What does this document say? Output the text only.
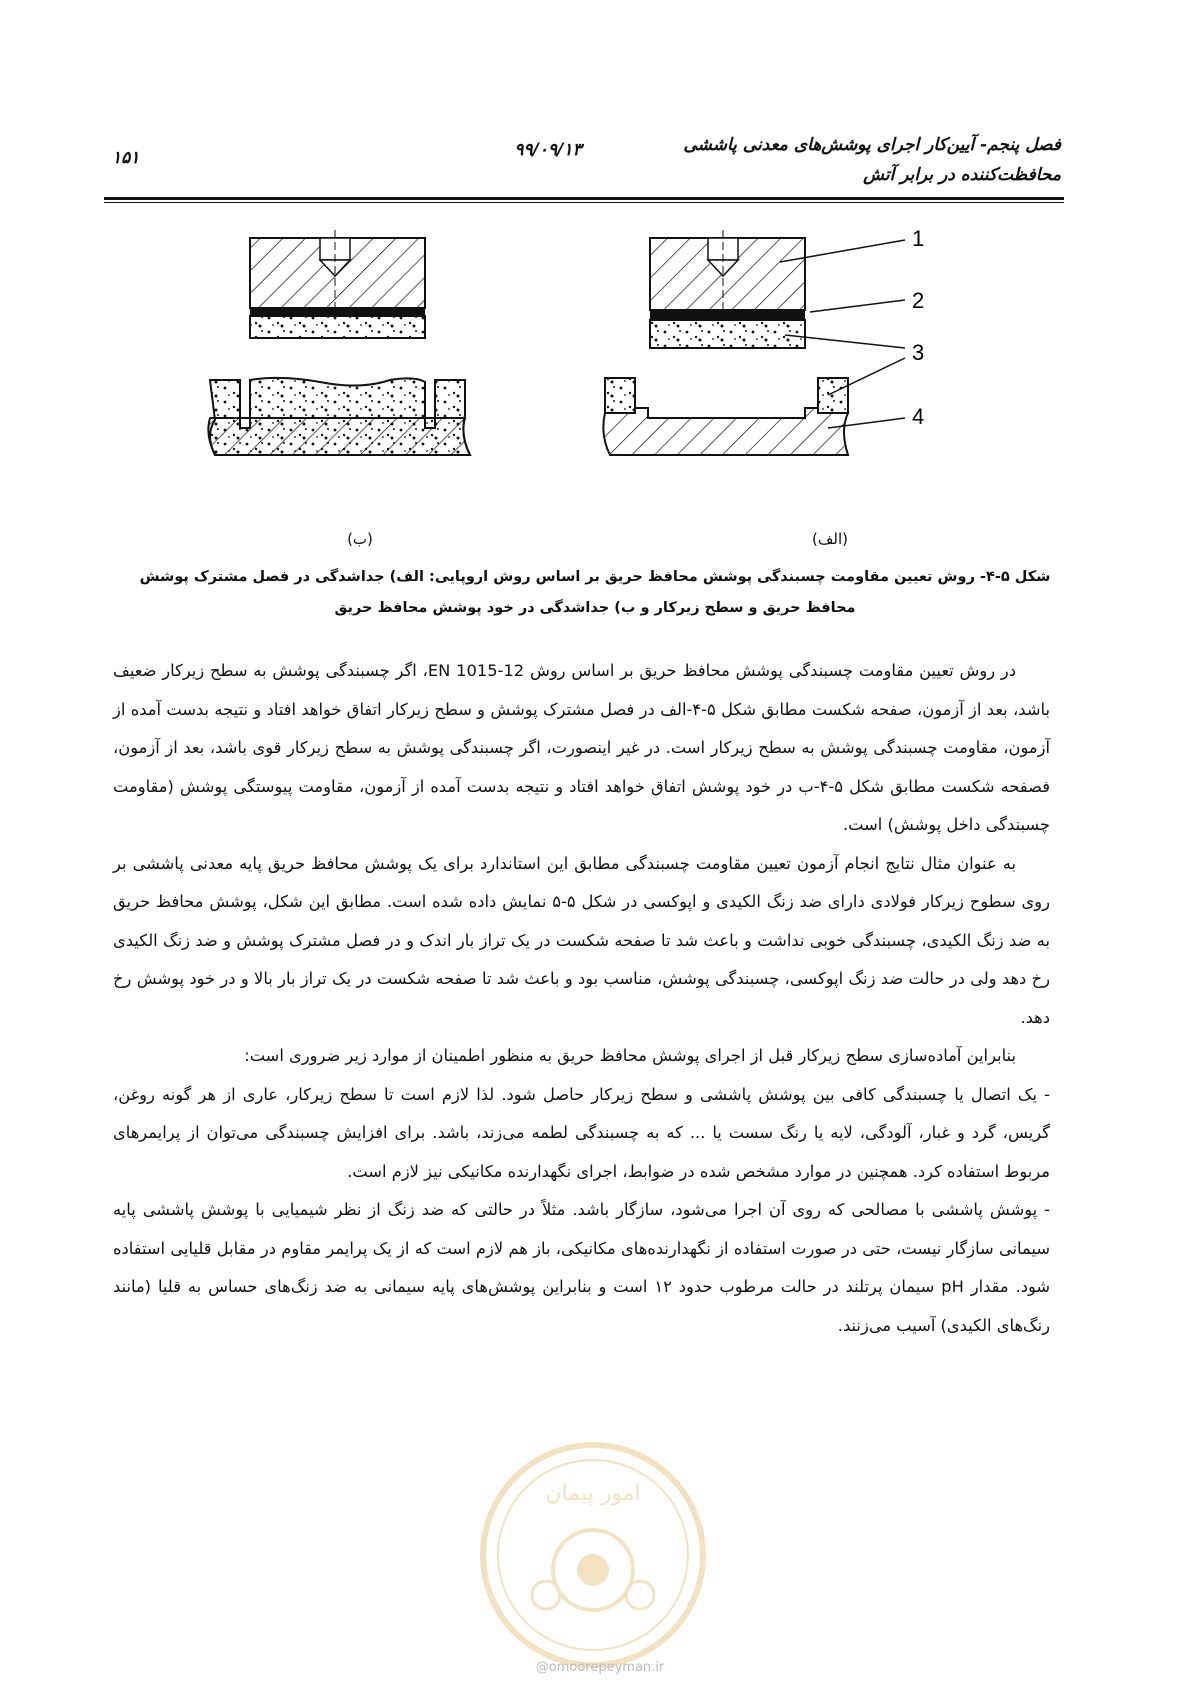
فصل پنجم- آیین‌کار اجرای پوشش‌های معدنی پاششی
محافظت‌کننده در برابر آتش
۹۹/۰۹/۱۳
۱۵۱
1
2
3
4
(الف)
(ب)
شکل ۵-۴- روش تعیین مقاومت چسبندگی پوشش محافظ حریق بر اساس روش اروپایی: الف) جداشدگی در فصل مشترک پوشش
محافظ حریق و سطح زیرکار و ب) جداشدگی در خود پوشش محافظ حریق

در روش تعیین مقاومت چسبندگی پوشش محافظ حریق بر اساس روش EN 1015-12، اگر چسبندگی پوشش به سطح زیرکار ضعیف باشد، بعد از آزمون، صفحه شکست مطابق شکل ۵-۴-الف در فصل مشترک پوشش و سطح زیرکار اتفاق خواهد افتاد و نتیجه بدست آمده از آزمون، مقاومت چسبندگی پوشش به سطح زیرکار است. در غیر اینصورت، اگر چسبندگی پوشش به سطح زیرکار قوی باشد، بعد از آزمون، فصفحه شکست مطابق شکل ۵-۴-ب در خود پوشش اتفاق خواهد افتاد و نتیجه بدست آمده از آزمون، مقاومت پیوستگی پوشش (مقاومت چسبندگی داخل پوشش) است.

به عنوان مثال نتایج انجام آزمون تعیین مقاومت چسبندگی مطابق این استاندارد برای یک پوشش محافظ حریق پایه معدنی پاششی بر روی سطوح زیرکار فولادی دارای ضد زنگ الکیدی و اپوکسی در شکل ۵-۵ نمایش داده شده است. مطابق این شکل، پوشش محافظ حریق به ضد زنگ الکیدی، چسبندگی خوبی نداشت و باعث شد تا صفحه شکست در یک تراز بار اندک و در فصل مشترک پوشش و ضد زنگ الکیدی رخ دهد ولی در حالت ضد زنگ اپوکسی، چسبندگی پوشش، مناسب بود و باعث شد تا صفحه شکست در یک تراز بار بالا و در خود پوشش رخ دهد.

بنابراین آماده‌سازی سطح زیرکار قبل از اجرای پوشش محافظ حریق به منظور اطمینان از موارد زیر ضروری است:

- یک اتصال یا چسبندگی کافی بین پوشش پاششی و سطح زیرکار حاصل شود. لذا لازم است تا سطح زیرکار، عاری از هر گونه روغن، گریس، گرد و غبار، آلودگی، لایه یا رنگ سست یا ... که به چسبندگی لطمه می‌زند، باشد. برای افزایش چسبندگی می‌توان از پرایمرهای مربوط استفاده کرد. همچنین در موارد مشخص شده در ضوابط، اجرای نگهدارنده مکانیکی نیز لازم است.

- پوشش پاششی با مصالحی که روی آن اجرا می‌شود، سازگار باشد. مثلاً در حالتی که ضد زنگ از نظر شیمیایی با پوشش پاششی پایه سیمانی سازگار نیست، حتی در صورت استفاده از نگهدارنده‌های مکانیکی، باز هم لازم است که از یک پرایمر مقاوم در مقابل قلیایی استفاده شود. مقدار pH سیمان پرتلند در حالت مرطوب حدود ۱۲ است و بنابراین پوشش‌های پایه سیمانی به ضد زنگ‌های حساس به قلیا (مانند رنگ‌های الکیدی) آسیب می‌زنند.

امور پیمان
@omoorepeyman.ir
